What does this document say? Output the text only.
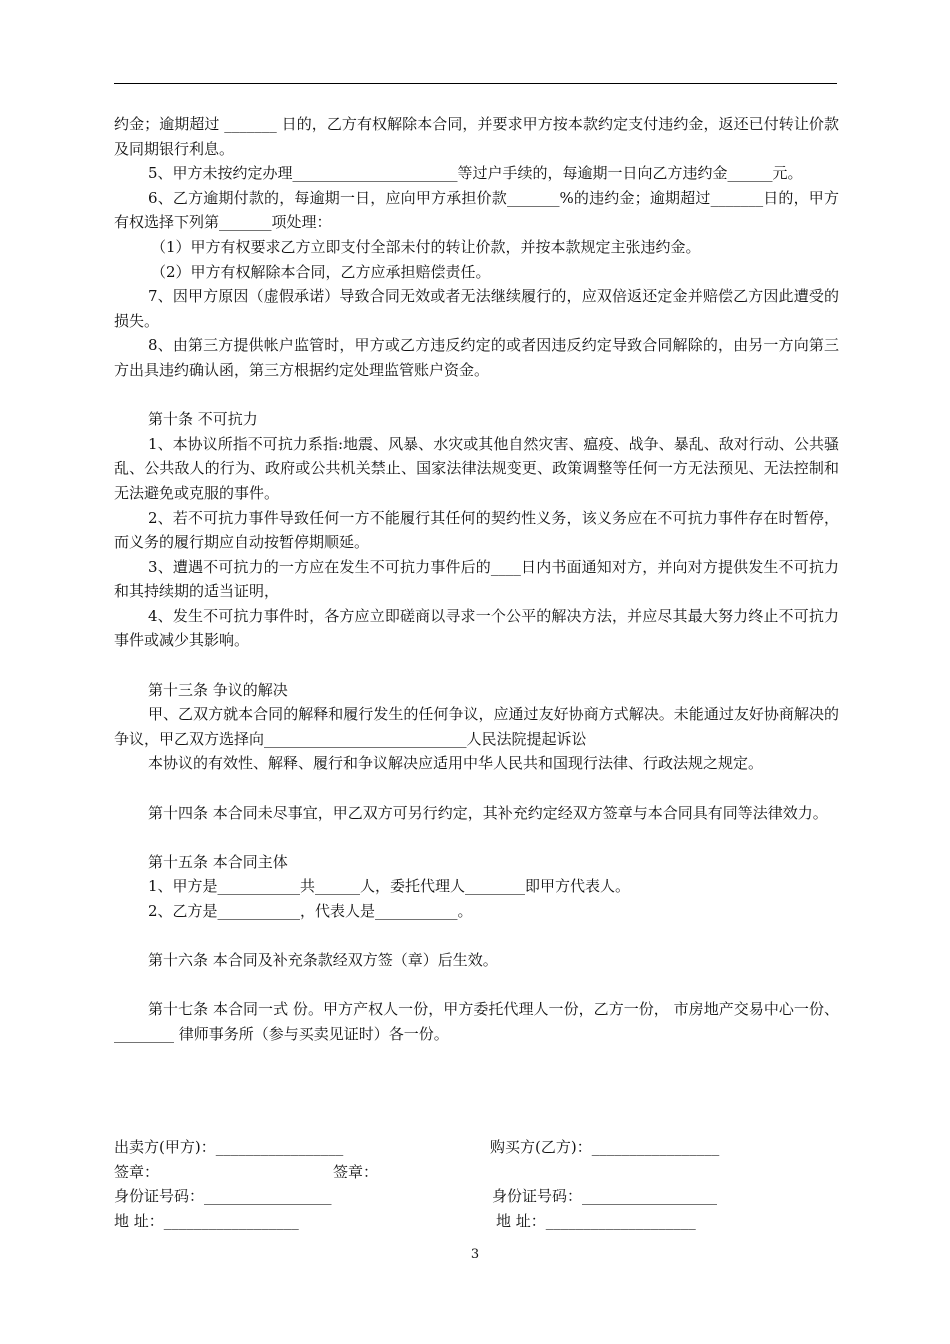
约金；逾期超过 _______ 日的，乙方有权解除本合同，并要求甲方按本款约定支付违约金，返还已付转让价款及同期银行利息。

5、甲方未按约定办理______________________等过户手续的，每逾期一日向乙方违约金______元。

6、乙方逾期付款的，每逾期一日，应向甲方承担价款_______%的违约金；逾期超过_______日的，甲方有权选择下列第_______项处理：

（1）甲方有权要求乙方立即支付全部未付的转让价款，并按本款规定主张违约金。

（2）甲方有权解除本合同，乙方应承担赔偿责任。

7、因甲方原因（虚假承诺）导致合同无效或者无法继续履行的，应双倍返还定金并赔偿乙方因此遭受的损失。

8、由第三方提供帐户监管时，甲方或乙方违反约定的或者因违反约定导致合同解除的，由另一方向第三方出具违约确认函，第三方根据约定处理监管账户资金。

第十条 不可抗力

1、本协议所指不可抗力系指:地震、风暴、水灾或其他自然灾害、瘟疫、战争、暴乱、敌对行动、公共骚乱、公共敌人的行为、政府或公共机关禁止、国家法律法规变更、政策调整等任何一方无法预见、无法控制和无法避免或克服的事件。

2、若不可抗力事件导致任何一方不能履行其任何的契约性义务，该义务应在不可抗力事件存在时暂停，而义务的履行期应自动按暂停期顺延。

3、遭遇不可抗力的一方应在发生不可抗力事件后的____日内书面通知对方，并向对方提供发生不可抗力和其持续期的适当证明，

4、发生不可抗力事件时，各方应立即磋商以寻求一个公平的解决方法，并应尽其最大努力终止不可抗力事件或减少其影响。

第十三条 争议的解决

甲、乙双方就本合同的解释和履行发生的任何争议，应通过友好协商方式解决。未能通过友好协商解决的争议，甲乙双方选择向___________________________人民法院提起诉讼

本协议的有效性、解释、履行和争议解决应适用中华人民共和国现行法律、行政法规之规定。

第十四条 本合同未尽事宜，甲乙双方可另行约定，其补充约定经双方签章与本合同具有同等法律效力。

第十五条 本合同主体

1、甲方是___________共______人，委托代理人________即甲方代表人。

2、乙方是___________，代表人是___________。

第十六条 本合同及补充条款经双方签（章）后生效。

第十七条 本合同一式 份。甲方产权人一份，甲方委托代理人一份，乙方一份， 市房地产交易中心一份、________ 律师事务所（参与买卖见证时）各一份。

出卖方(甲方)：_________________	购买方(乙方)：_________________
签章：	签章：
身份证号码：_________________	身份证号码：__________________
地 址：__________________	地 址：____________________
3
